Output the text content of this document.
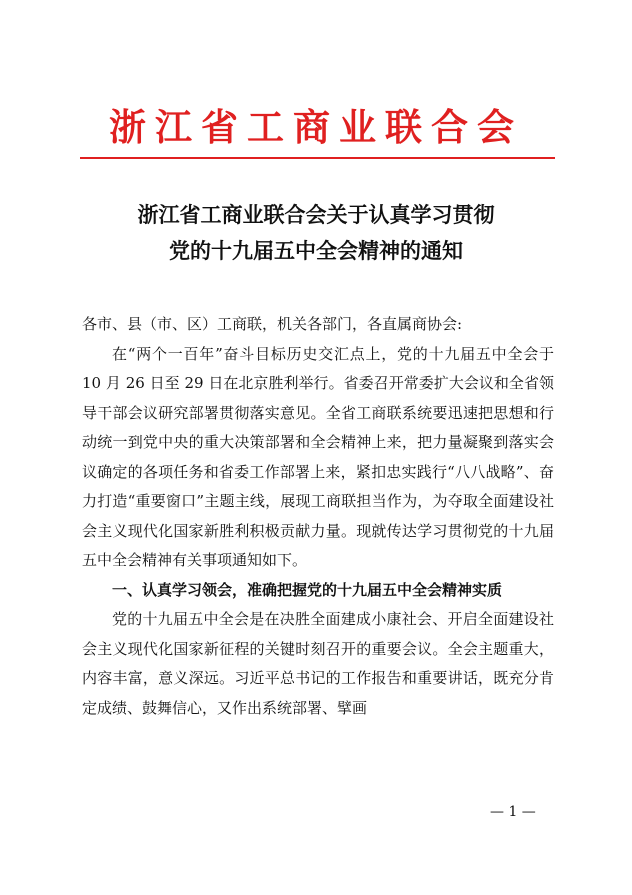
浙江省工商业联合会
浙江省工商业联合会关于认真学习贯彻
党的十九届五中全会精神的通知

各市、县（市、区）工商联，机关各部门，各直属商协会:

在“两个一百年”奋斗目标历史交汇点上，党的十九届五中全会于 10 月 26 日至 29 日在北京胜利举行。省委召开常委扩大会议和全省领导干部会议研究部署贯彻落实意见。全省工商联系统要迅速把思想和行动统一到党中央的重大决策部署和全会精神上来，把力量凝聚到落实会议确定的各项任务和省委工作部署上来，紧扣忠实践行“八八战略”、奋力打造“重要窗口”主题主线，展现工商联担当作为，为夺取全面建设社会主义现代化国家新胜利积极贡献力量。现就传达学习贯彻党的十九届五中全会精神有关事项通知如下。

一、认真学习领会，准确把握党的十九届五中全会精神实质

党的十九届五中全会是在决胜全面建成小康社会、开启全面建设社会主义现代化国家新征程的关键时刻召开的重要会议。全会主题重大，内容丰富，意义深远。习近平总书记的工作报告和重要讲话，既充分肯定成绩、鼓舞信心，又作出系统部署、擘画

— 1 —
